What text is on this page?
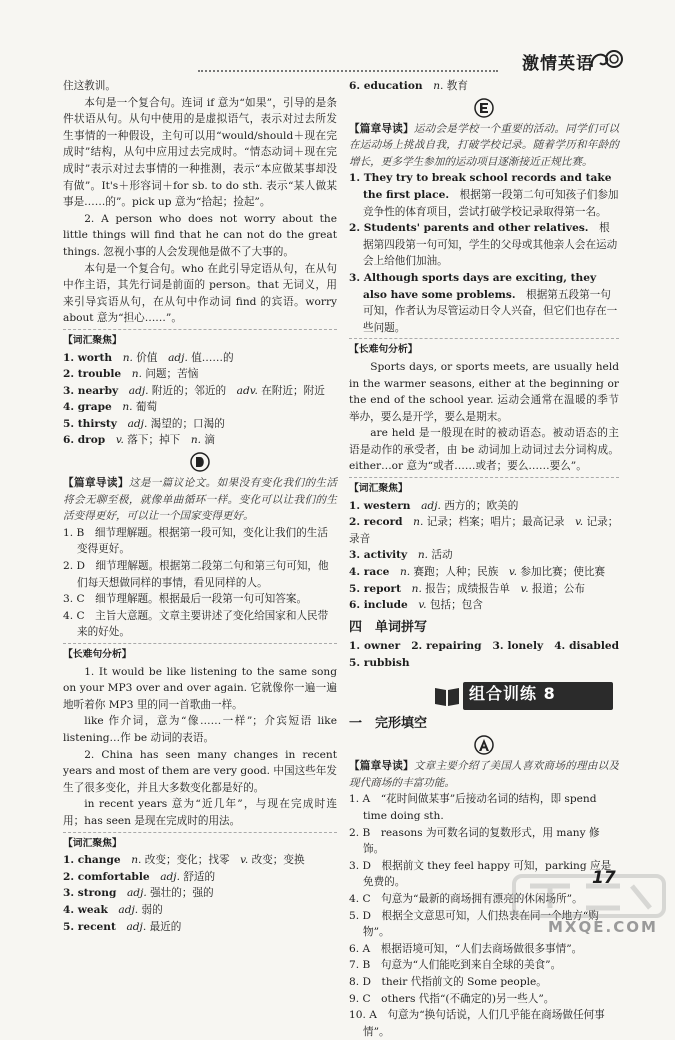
激情英语

住这教训。

本句是一个复合句。连词 if 意为“如果”，引导的是条件状语从句。从句中使用的是虚拟语气，表示对过去所发生事情的一种假设，主句可以用“would/should＋现在完成时”结构，从句中应用过去完成时。“情态动词＋现在完成时”表示对过去事情的一种推测，表示“本应做某事却没有做”。It's＋形容词＋for sb. to do sth. 表示“某人做某事是……的”。pick up 意为“拾起；捡起”。

2. A person who does not worry about the little things will find that he can not do the great things. 忽视小事的人会发现他是做不了大事的。

本句是一个复合句。who 在此引导定语从句，在从句中作主语，其先行词是前面的 person。that 无词义，用来引导宾语从句，在从句中作动词 find 的宾语。worry about 意为“担心……”。

【词汇聚焦】

1. worth　 n. 价值　 adj. 值……的

2. trouble　 n. 问题；苦恼

3. nearby　 adj. 附近的；邻近的　 adv. 在附近；附近

4. grape　 n. 葡萄

5. thirsty　 adj. 渴望的；口渴的

6. drop　 v. 落下；掉下　 n. 滴

【篇章导读】这是一篇议论文。如果没有变化我们的生活将会无聊至极，就像单曲循环一样。变化可以让我们的生活变得更好，可以让一个国家变得更好。

1. B　细节理解题。根据第一段可知，变化让我们的生活变得更好。

2. D　细节理解题。根据第二段第二句和第三句可知，他们每天想做同样的事情，看见同样的人。

3. C　细节理解题。根据最后一段第一句可知答案。

4. C　主旨大意题。文章主要讲述了变化给国家和人民带来的好处。

【长难句分析】

1. It would be like listening to the same song on your MP3 over and over again. 它就像你一遍一遍地听着你 MP3 里的同一首歌曲一样。

like 作介词，意为“像……一样”；介宾短语 like listening…作 be 动词的表语。

2. China has seen many changes in recent years and most of them are very good. 中国这些年发生了很多变化，并且大多数变化都是好的。

in recent years 意为“近几年”，与现在完成时连用；has seen 是现在完成时的用法。

【词汇聚焦】

1. change　 n. 改变；变化；找零　 v. 改变；变换

2. comfortable　 adj. 舒适的

3. strong　 adj. 强壮的；强的

4. weak　 adj. 弱的

5. recent　 adj. 最近的

6. education　 n. 教育

【篇章导读】运动会是学校一个重要的活动。同学们可以在运动场上挑战自我，打破学校记录。随着学历和年龄的增长，更多学生参加的运动项目逐渐接近正规比赛。

1. They try to break school records and take the first place.　 根据第一段第二句可知孩子们参加竞争性的体育项目，尝试打破学校记录取得第一名。

2. Students' parents and other relatives.　 根据第四段第一句可知，学生的父母或其他亲人会在运动会上给他们加油。

3. Although sports days are exciting, they also have some problems.　 根据第五段第一句可知，作者认为尽管运动日令人兴奋，但它们也存在一些问题。

【长难句分析】

Sports days, or sports meets, are usually held in the warmer seasons, either at the beginning or the end of the school year. 运动会通常在温暖的季节举办，要么是开学，要么是期末。

are held 是一般现在时的被动语态。被动语态的主语是动作的承受者，由 be 动词加上动词过去分词构成。either…or 意为“或者……或者；要么……要么”。

【词汇聚焦】

1. western　 adj. 西方的；欧美的

2. record　 n. 记录；档案；唱片；最高记录　 v. 记录；录音

3. activity　 n. 活动

4. race　 n. 赛跑；人种；民族　 v. 参加比赛；使比赛

5. report　 n. 报告；成绩报告单　 v. 报道；公布

6. include　 v. 包括；包含

四　 单词拼写

1. owner　2. repairing　3. lonely　4. disabled　5. rubbish

组合训练 8
一　 完形填空

【篇章导读】文章主要介绍了美国人喜欢商场的理由以及现代商场的丰富功能。

1. A　“花时间做某事”后接动名词的结构，即 spend time doing sth.

2. B　reasons 为可数名词的复数形式，用 many 修饰。

3. D　根据前文 they feel happy 可知，parking 应是免费的。

4. C　句意为“最新的商场拥有漂亮的休闲场所”。

5. D　根据全文意思可知，人们热衷在同一个地方“购物”。

6. A　根据语境可知，“人们去商场做很多事情”。

7. B　句意为“人们能吃到来自全球的美食”。

8. D　their 代指前文的 Some people。

9. C　others 代指“(不确定的)另一些人”。

10. A　句意为“换句话说，人们几乎能在商场做任何事情”。

17
MXQE.COM
